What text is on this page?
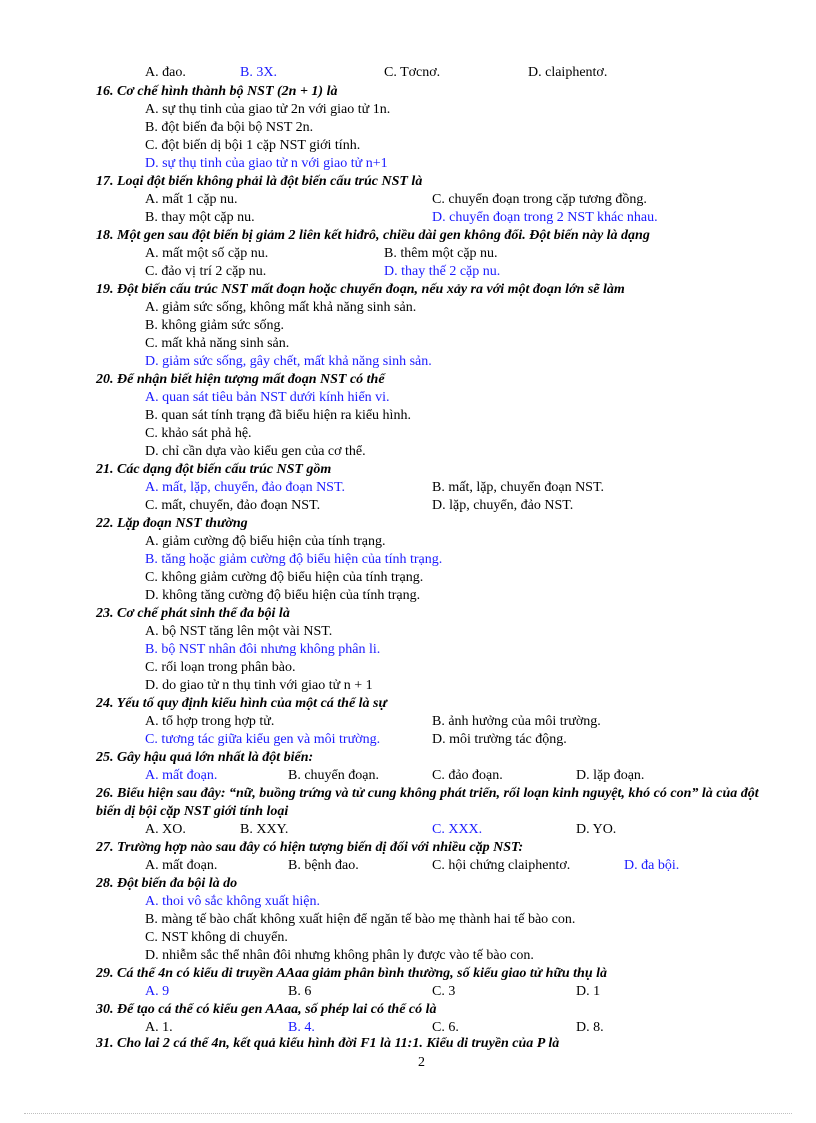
A. đao.	B. 3X.	C. Tơcnơ.	D. claiphentơ.
16. Cơ chế hình thành bộ NST (2n + 1) là
A. sự thụ tinh của giao tử 2n với giao tử 1n.
B. đột biến đa bội bộ NST 2n.
C. đột biến dị bội 1 cặp NST giới tính.
D. sự thụ tinh của giao tử n với giao tử n+1
17. Loại đột biến không phải là đột biến cấu trúc NST là
A. mất 1 cặp nu.	C. chuyển đoạn trong cặp tương đồng.
B. thay một cặp nu.	D. chuyển đoạn trong 2 NST khác nhau.
18. Một gen sau đột biến bị giảm 2 liên kết hiđrô, chiều dài gen không đổi. Đột biến này là dạng
A. mất một số cặp nu.	B. thêm một cặp nu.
C. đảo vị trí 2 cặp nu.	D. thay thế 2 cặp nu.
19. Đột biến cấu trúc NST mất đoạn hoặc chuyển đoạn, nếu xảy ra với một đoạn lớn sẽ làm
A. giảm sức sống, không mất khả năng sinh sản.
B. không giảm sức sống.
C. mất khả năng sinh sản.
D. giảm sức sống, gây chết, mất khả năng sinh sản.
20. Để nhận biết hiện tượng mất đoạn NST có thể
A. quan sát tiêu bản NST dưới kính hiển vi.
B. quan sát tính trạng đã biểu hiện ra kiểu hình.
C. khảo sát phả hệ.
D. chỉ cần dựa vào kiểu gen của cơ thể.
21. Các dạng đột biến cấu trúc NST gồm
A. mất, lặp, chuyển, đảo đoạn NST.	B. mất, lặp, chuyển đoạn NST.
C. mất, chuyển, đảo đoạn NST.	D. lặp, chuyển, đảo NST.
22. Lặp đoạn NST thường
A. giảm cường độ biểu hiện của tính trạng.
B. tăng hoặc giảm cường độ biểu hiện của tính trạng.
C. không giảm cường độ biểu hiện của tính trạng.
D. không tăng cường độ biểu hiện của tính trạng.
23. Cơ chế phát sinh thể đa bội là
A. bộ NST tăng lên một vài NST.
B. bộ NST nhân đôi nhưng không phân li.
C. rối loạn trong phân bào.
D. do giao tử n thụ tinh với giao tử n + 1
24. Yếu tố quy định kiểu hình của một cá thể là sự
A. tổ hợp trong hợp tử.	B. ảnh hưởng của môi trường.
C. tương tác giữa kiểu gen và môi trường.	D. môi trường tác động.
25. Gây hậu quả lớn nhất là đột biến:
A. mất đoạn.	B. chuyển đoạn.	C. đảo đoạn.	D. lặp đoạn.
26. Biểu hiện sau đây: “nữ, buồng trứng và tử cung không phát triển, rối loạn kinh nguyệt, khó có con” là của đột biến dị bội cặp NST giới tính loại
A. XO.	B. XXY.	C. XXX.	D. YO.
27. Trường hợp nào sau đây có hiện tượng biến dị đối với nhiều cặp NST:
A. mất đoạn.	B. bệnh đao.	C. hội chứng claiphentơ.	D. đa bội.
28. Đột biến đa bội là do
A. thoi vô sắc không xuất hiện.
B. màng tế bào chất không xuất hiện để ngăn tế bào mẹ thành hai tế bào con.
C. NST không di chuyển.
D. nhiễm sắc thể nhân đôi nhưng không phân ly được vào tế bào con.
29. Cá thể 4n có kiểu di truyền AAaa giảm phân bình thường, số kiểu giao tử hữu thụ là
A. 9	B. 6	C. 3	D. 1
30. Để tạo cá thể có kiểu gen AAaa, số phép lai có thể có là
A. 1.	B. 4.	C. 6.	D. 8.
31. Cho lai 2 cá thể 4n, kết quả kiểu hình đời F1 là 11:1. Kiểu di truyền của P là
2
